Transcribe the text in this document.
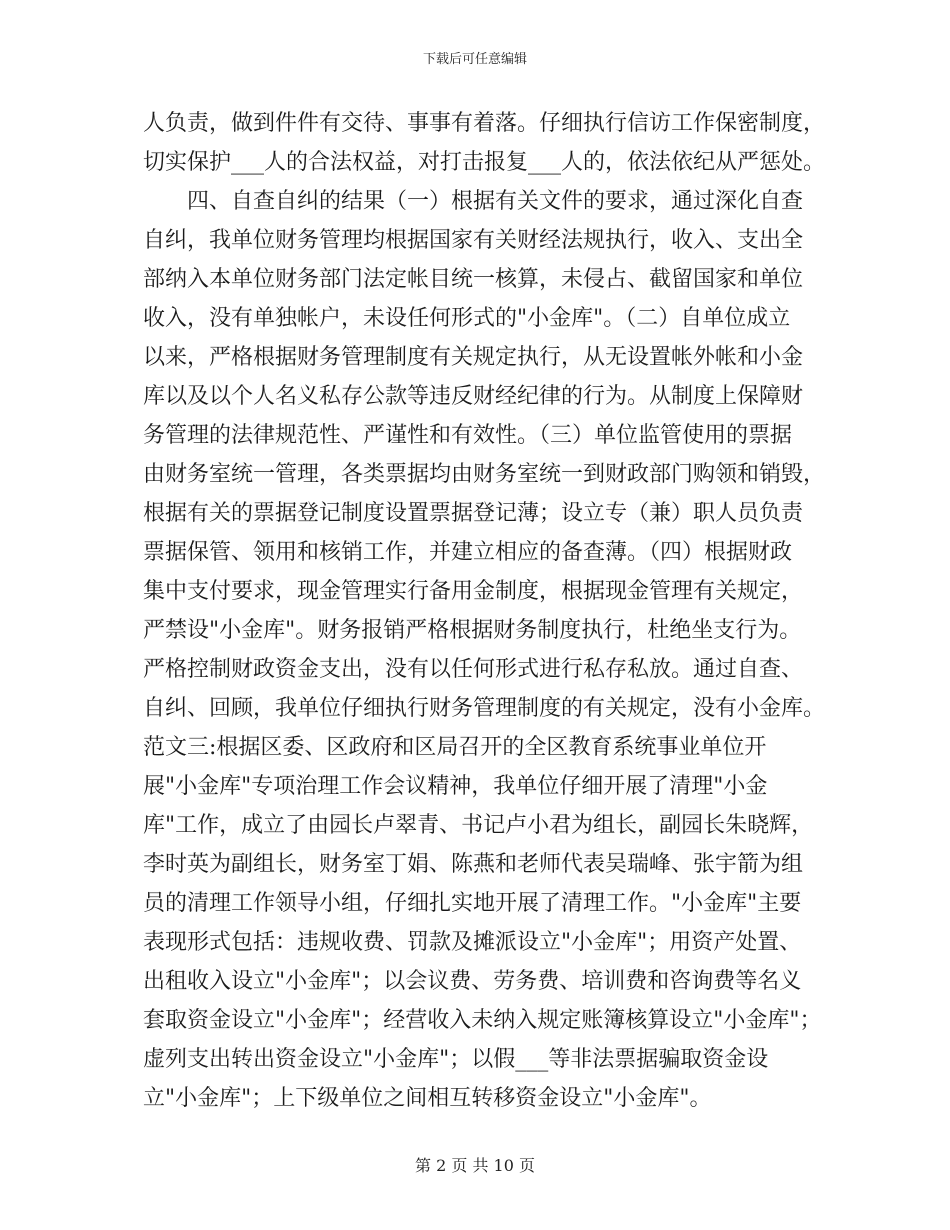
下载后可任意编辑
人负责，做到件件有交待、事事有着落。仔细执行信访工作保密制度，
切实保护___人的合法权益，对打击报复___人的，依法依纪从严惩处。
　　四、自查自纠的结果（一）根据有关文件的要求，通过深化自查
自纠，我单位财务管理均根据国家有关财经法规执行，收入、支出全
部纳入本单位财务部门法定帐目统一核算，未侵占、截留国家和单位
收入，没有单独帐户，未设任何形式的"小金库"。（二）自单位成立
以来，严格根据财务管理制度有关规定执行，从无设置帐外帐和小金
库以及以个人名义私存公款等违反财经纪律的行为。从制度上保障财
务管理的法律规范性、严谨性和有效性。（三）单位监管使用的票据
由财务室统一管理，各类票据均由财务室统一到财政部门购领和销毁，
根据有关的票据登记制度设置票据登记薄；设立专（兼）职人员负责
票据保管、领用和核销工作，并建立相应的备查薄。（四）根据财政
集中支付要求，现金管理实行备用金制度，根据现金管理有关规定，
严禁设"小金库"。财务报销严格根据财务制度执行，杜绝坐支行为。
严格控制财政资金支出，没有以任何形式进行私存私放。通过自查、
自纠、回顾，我单位仔细执行财务管理制度的有关规定，没有小金库。
范文三:根据区委、区政府和区局召开的全区教育系统事业单位开
展"小金库"专项治理工作会议精神，我单位仔细开展了清理"小金
库"工作，成立了由园长卢翠青、书记卢小君为组长，副园长朱晓辉，
李时英为副组长，财务室丁娟、陈燕和老师代表吴瑞峰、张宇箭为组
员的清理工作领导小组，仔细扎实地开展了清理工作。"小金库"主要
表现形式包括：违规收费、罚款及摊派设立"小金库"；用资产处置、
出租收入设立"小金库"；以会议费、劳务费、培训费和咨询费等名义
套取资金设立"小金库"；经营收入未纳入规定账簿核算设立"小金库"；
虚列支出转出资金设立"小金库"；以假___等非法票据骗取资金设
立"小金库"；上下级单位之间相互转移资金设立"小金库"。
第 2 页 共 10 页
